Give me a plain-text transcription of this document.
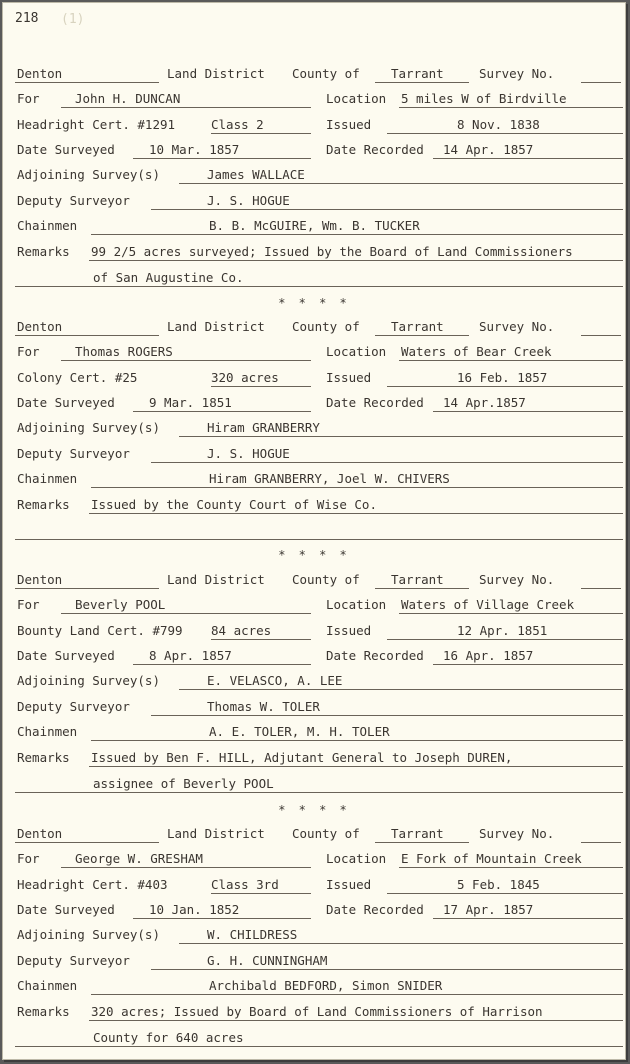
218 (1)
Denton	Land District County of	Tarrant	Survey No.
For	John H. DUNCAN	Location 5 miles W of Birdville
Headright Cert. #1291	Class 2	Issued	8 Nov. 1838
Date Surveyed	10 Mar. 1857	Date Recorded 14 Apr. 1857
Adjoining Survey(s)	James WALLACE
Deputy Surveyor	J. S. HOGUE
Chainmen	B. B. McGUIRE, Wm. B. TUCKER
Remarks 99 2/5 acres surveyed; Issued by the Board of Land Commissioners
of San Augustine Co.
Denton	Land District County of	Tarrant	Survey No.
For	Thomas ROGERS	Location Waters of Bear Creek
Colony Cert. #25	320 acres	Issued	16 Feb. 1857
Date Surveyed	9 Mar. 1851	Date Recorded 14 Apr.1857
Adjoining Survey(s)	Hiram GRANBERRY
Deputy Surveyor	J. S. HOGUE
Chainmen	Hiram GRANBERRY, Joel W. CHIVERS
Remarks Issued by the County Court of Wise Co.
Denton	Land District County of	Tarrant	Survey No.
For	Beverly POOL	Location Waters of Village Creek
Bounty Land Cert. #799 84 acres	Issued	12 Apr. 1851
Date Surveyed	8 Apr. 1857	Date Recorded 16 Apr. 1857
Adjoining Survey(s)	E. VELASCO, A. LEE
Deputy Surveyor	Thomas W. TOLER
Chainmen	A. E. TOLER, M. H. TOLER
Remarks Issued by Ben F. HILL, Adjutant General to Joseph DUREN,
assignee of Beverly POOL
Denton	Land District County of	Tarrant	Survey No.
For	George W. GRESHAM	Location E Fork of Mountain Creek
Headright Cert. #403	Class 3rd	Issued	5 Feb. 1845
Date Surveyed	10 Jan. 1852	Date Recorded 17 Apr. 1857
Adjoining Survey(s)	W. CHILDRESS
Deputy Surveyor	G. H. CUNNINGHAM
Chainmen	Archibald BEDFORD, Simon SNIDER
Remarks 320 acres; Issued by Board of Land Commissioners of Harrison
County for 640 acres
* * * *
* * * *
* * * *
